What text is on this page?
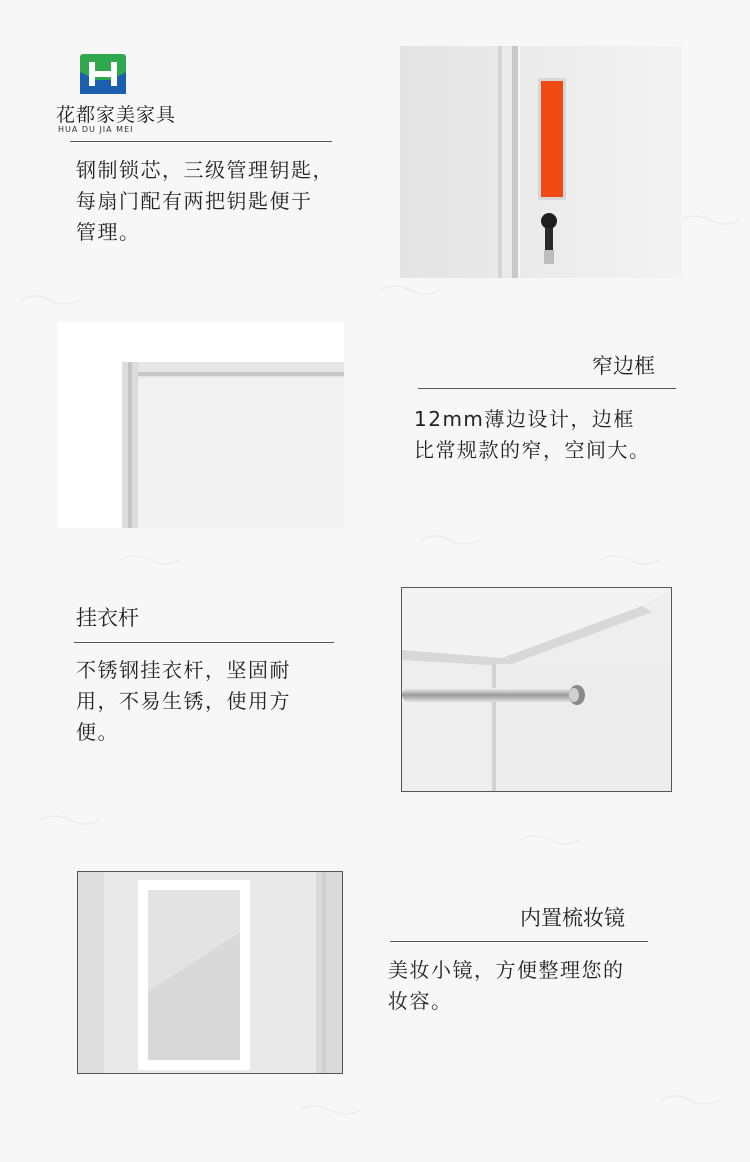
花都家美家具
HUA DU JIA MEI
钢制锁芯，三级管理钥匙，
每扇门配有两把钥匙便于
管理。
窄边框
12mm薄边设计，边框
比常规款的窄，空间大。
挂衣杆
不锈钢挂衣杆，坚固耐
用，不易生锈，使用方
便。
内置梳妆镜
美妆小镜，方便整理您的
妆容。
